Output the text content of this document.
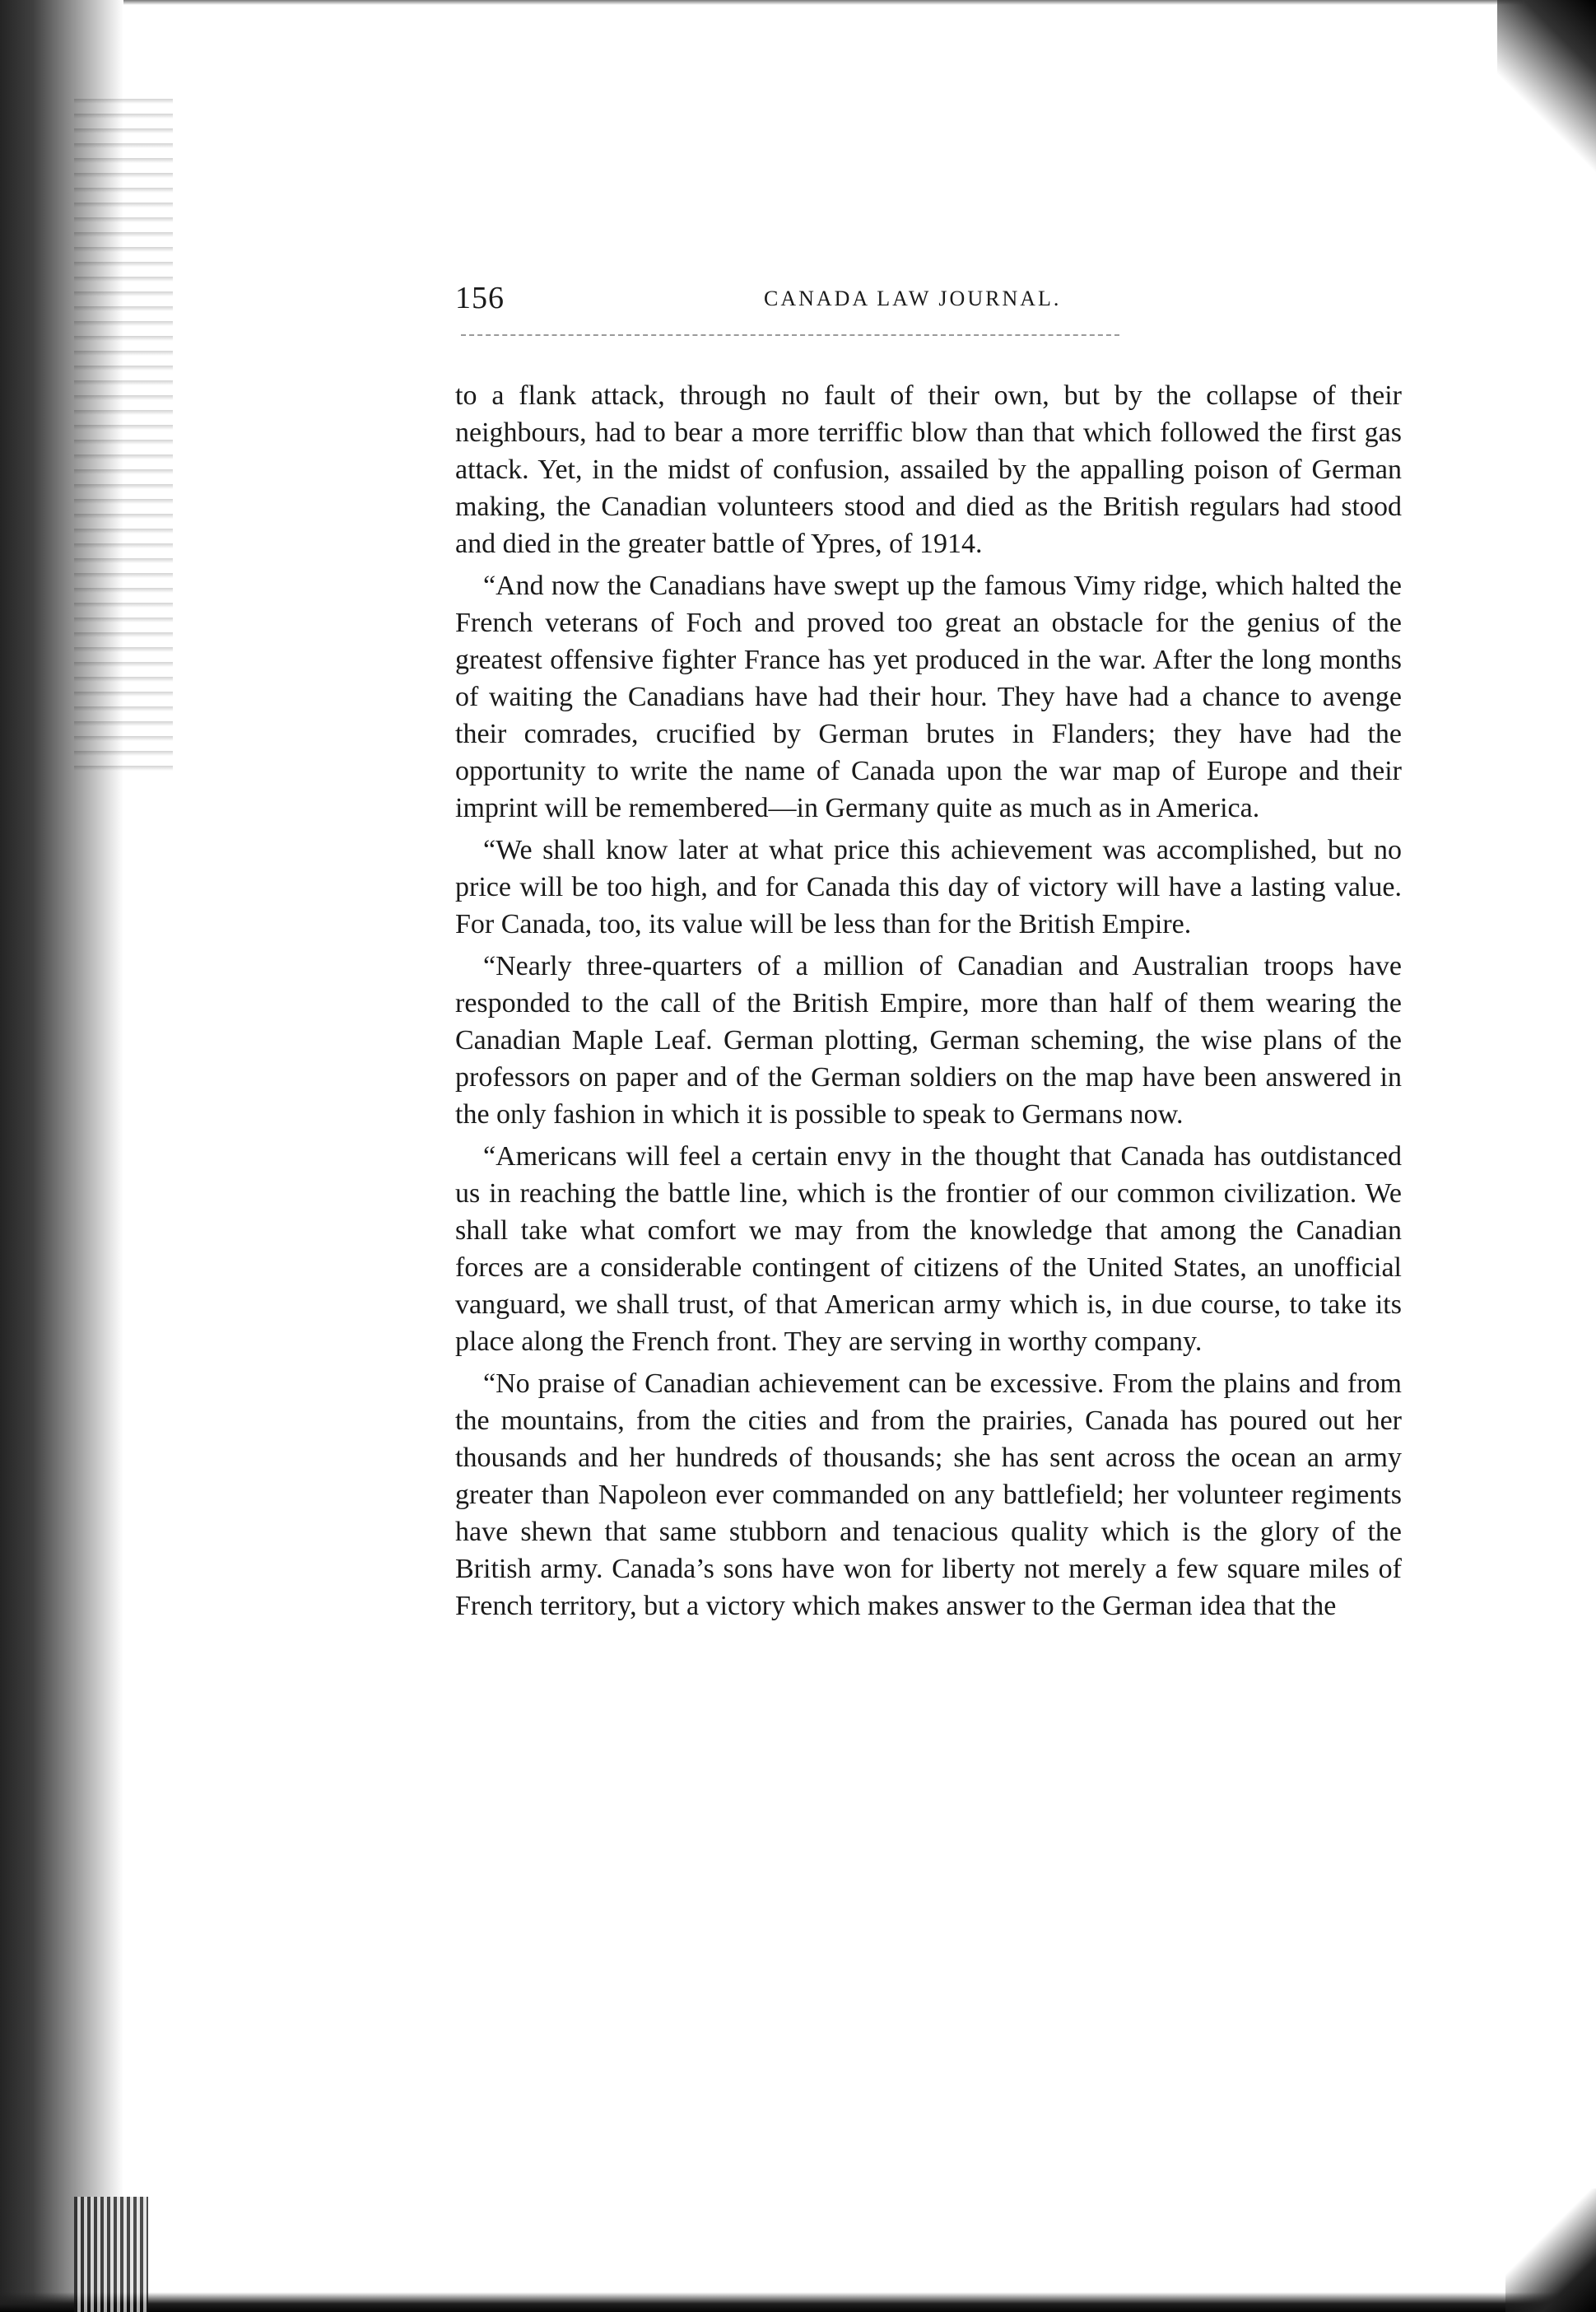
156	CANADA LAW JOURNAL.

to a flank attack, through no fault of their own, but by the collapse of their neighbours, had to bear a more terriffic blow than that which followed the first gas attack. Yet, in the midst of confusion, assailed by the appalling poison of German making, the Canadian volunteers stood and died as the British regulars had stood and died in the greater battle of Ypres, of 1914.

“And now the Canadians have swept up the famous Vimy ridge, which halted the French veterans of Foch and proved too great an obstacle for the genius of the greatest offensive fighter France has yet produced in the war. After the long months of waiting the Canadians have had their hour. They have had a chance to avenge their comrades, crucified by German brutes in Flanders; they have had the opportunity to write the name of Canada upon the war map of Europe and their imprint will be remembered—in Germany quite as much as in America.

“We shall know later at what price this achievement was accomplished, but no price will be too high, and for Canada this day of victory will have a lasting value. For Canada, too, its value will be less than for the British Empire.

“Nearly three-quarters of a million of Canadian and Australian troops have responded to the call of the British Empire, more than half of them wearing the Canadian Maple Leaf. German plotting, German scheming, the wise plans of the professors on paper and of the German soldiers on the map have been answered in the only fashion in which it is possible to speak to Germans now.

“Americans will feel a certain envy in the thought that Canada has outdistanced us in reaching the battle line, which is the frontier of our common civilization. We shall take what comfort we may from the knowledge that among the Canadian forces are a considerable contingent of citizens of the United States, an unofficial vanguard, we shall trust, of that American army which is, in due course, to take its place along the French front. They are serving in worthy company.

“No praise of Canadian achievement can be excessive. From the plains and from the mountains, from the cities and from the prairies, Canada has poured out her thousands and her hundreds of thousands; she has sent across the ocean an army greater than Napoleon ever commanded on any battlefield; her volunteer regiments have shewn that same stubborn and tenacious quality which is the glory of the British army. Canada’s sons have won for liberty not merely a few square miles of French territory, but a victory which makes answer to the German idea that the
